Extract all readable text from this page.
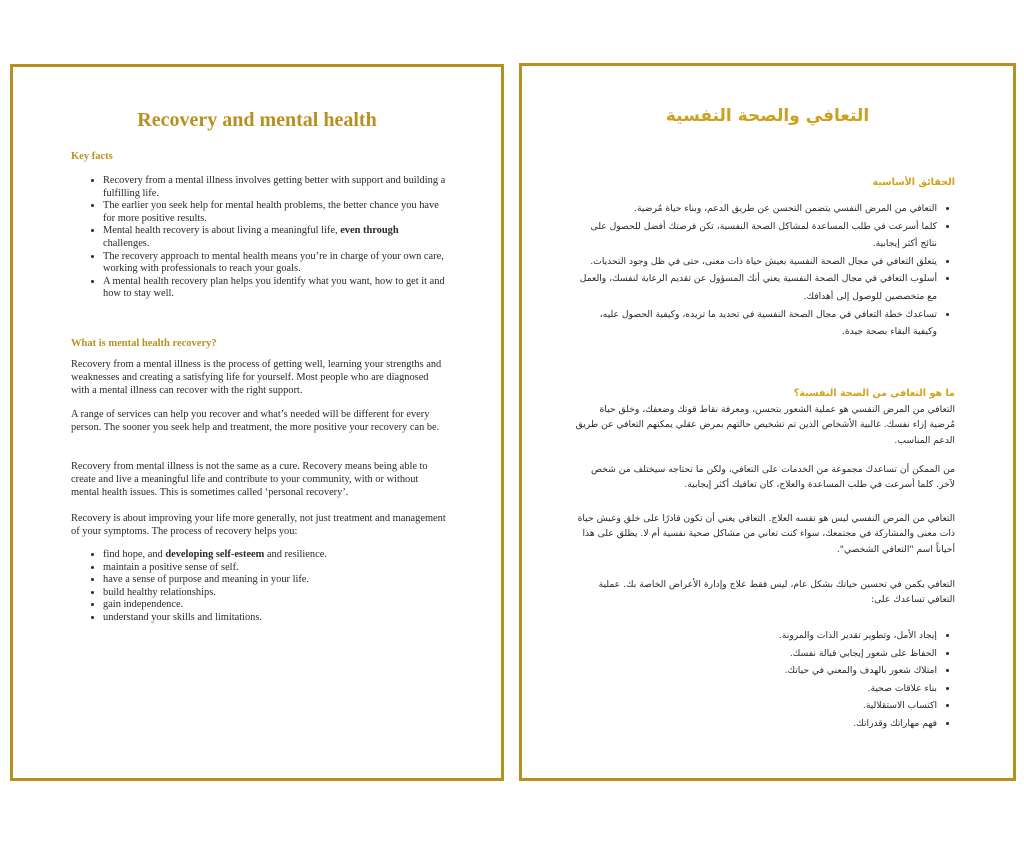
Recovery and mental health

Key facts

• Recovery from a mental illness involves getting better with support and building a fulfilling life.
• The earlier you seek help for mental health problems, the better chance you have for more positive results.
• Mental health recovery is about living a meaningful life, even through challenges.
• The recovery approach to mental health means you’re in charge of your own care, working with professionals to reach your goals.
• A mental health recovery plan helps you identify what you want, how to get it and how to stay well.

What is mental health recovery?

Recovery from a mental illness is the process of getting well, learning your strengths and weaknesses and creating a satisfying life for yourself. Most people who are diagnosed with a mental illness can recover with the right support.

A range of services can help you recover and what’s needed will be different for every person. The sooner you seek help and treatment, the more positive your recovery can be.

Recovery from mental illness is not the same as a cure. Recovery means being able to create and live a meaningful life and contribute to your community, with or without mental health issues. This is sometimes called ‘personal recovery’.

Recovery is about improving your life more generally, not just treatment and management of your symptoms. The process of recovery helps you:

• find hope, and developing self-esteem and resilience.
• maintain a positive sense of self.
• have a sense of purpose and meaning in your life.
• build healthy relationships.
• gain independence.
• understand your skills and limitations.
التعافي والصحة النفسية

الحقائق الأساسية

• التعافي من المرض النفسي يتضمن التحسن عن طريق الدعم، وبناء حياة مُرضية.
• كلما أسرعت في طلب المساعدة لمشاكل الصحة النفسية، تكن فرصتك أفضل للحصول على نتائج أكثر إيجابية.
• يتعلق التعافي في مجال الصحة النفسية بعيش حياة ذات معنى، حتى في ظل وجود التحديات.
• أسلوب التعافي في مجال الصحة النفسية يعني أنك المسؤول عن تقديم الرعاية لنفسك، والعمل مع متخصصين للوصول إلى أهدافك.
• تساعدك خطة التعافي في مجال الصحة النفسية في تحديد ما تريده، وكيفية الحصول عليه، وكيفية البقاء بصحة جيدة.

ما هو التعافي من الصحة النفسية؟

التعافي من المرض النفسي هو عملية الشعور بتحسن، ومعرفة نقاط قوتك وضعفك، وخلق حياة مُرضية إزاء نفسك. غالبية الأشخاص الذين تم تشخيص حالتهم بمرض عقلي يمكنهم التعافي عن طريق الدعم المناسب.

من الممكن أن تساعدك مجموعة من الخدمات على التعافي، ولكن ما تحتاجه سيختلف من شخص لآخر. كلما أسرعت في طلب المساعدة والعلاج، كان تعافيك أكثر إيجابية.

التعافي من المرض النفسي ليس هو نفسه العلاج. التعافي يعني أن تكون قادرًا على خلق وعيش حياة ذات معنى والمشاركة في مجتمعك، سواء كنت تعاني من مشاكل صحية نفسية أم لا. يطلق على هذا أحياناً اسم "التعافي الشخصي".

التعافي يكمن في تحسين حياتك بشكل عام، ليس فقط علاج وإدارة الأعراض الخاصة بك. عملية التعافي تساعدك على:

• إيجاد الأمل، وتطوير تقدير الذات والمرونة.
• الحفاظ على شعور إيجابي قبالة نفسك.
• امتلاك شعور بالهدف والمعني في حياتك.
• بناء علاقات صحية.
• اكتساب الاستقلالية.
• فهم مهاراتك وقدراتك.
